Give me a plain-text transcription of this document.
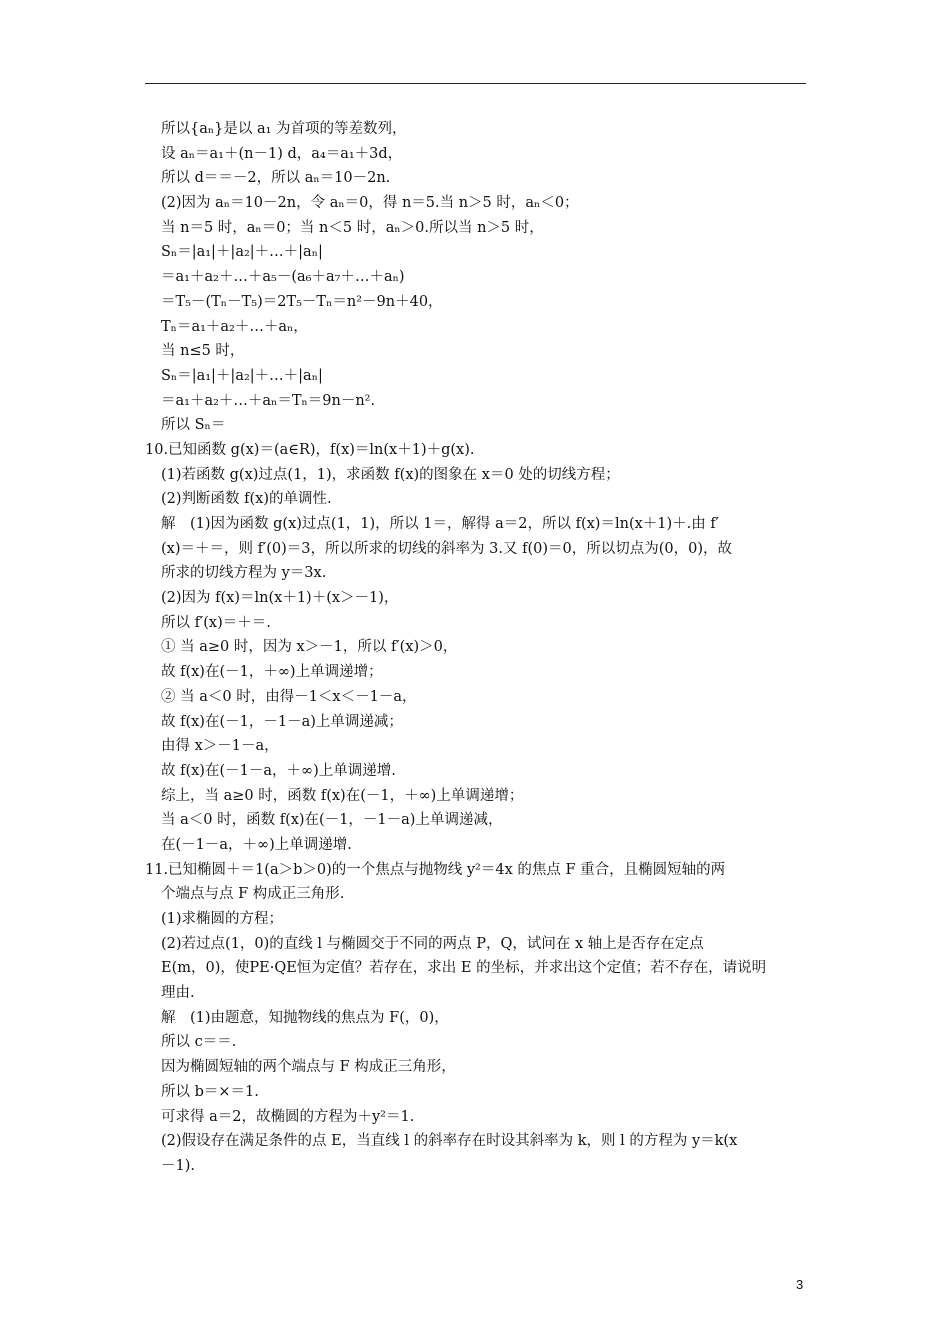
所以{aₙ}是以 a₁ 为首项的等差数列，
设 aₙ＝a₁＋(n－1) d，a₄＝a₁＋3d，
所以 d＝＝－2，所以 aₙ＝10－2n.
(2)因为 aₙ＝10－2n，令 aₙ＝0，得 n＝5.当 n＞5 时，aₙ＜0；
当 n＝5 时，aₙ＝0；当 n＜5 时，aₙ＞0.所以当 n＞5 时，
Sₙ＝|a₁|＋|a₂|＋…＋|aₙ|
＝a₁＋a₂＋…＋a₅－(a₆＋a₇＋…＋aₙ)
＝T₅－(Tₙ－T₅)＝2T₅－Tₙ＝n²－9n＋40，
Tₙ＝a₁＋a₂＋…＋aₙ，
当 n≤5 时，
Sₙ＝|a₁|＋|a₂|＋…＋|aₙ|
＝a₁＋a₂＋…＋aₙ＝Tₙ＝9n－n².
所以 Sₙ＝
10.已知函数 g(x)＝(a∈R)，f(x)＝ln(x＋1)＋g(x).
(1)若函数 g(x)过点(1，1)，求函数 f(x)的图象在 x＝0 处的切线方程；
(2)判断函数 f(x)的单调性.
解　(1)因为函数 g(x)过点(1，1)，所以 1＝，解得 a＝2，所以 f(x)＝ln(x＋1)＋.由 f′
(x)＝＋＝，则 f′(0)＝3，所以所求的切线的斜率为 3.又 f(0)＝0，所以切点为(0，0)，故
所求的切线方程为 y＝3x.
(2)因为 f(x)＝ln(x＋1)＋(x＞－1)，
所以 f′(x)＝＋＝.
① 当 a≥0 时，因为 x＞－1，所以 f′(x)＞0，
故 f(x)在(－1，＋∞)上单调递增；
② 当 a＜0 时，由得－1＜x＜－1－a，
故 f(x)在(－1，－1－a)上单调递减；
由得 x＞－1－a，
故 f(x)在(－1－a，＋∞)上单调递增.
综上，当 a≥0 时，函数 f(x)在(－1，＋∞)上单调递增；
当 a＜0 时，函数 f(x)在(－1，－1－a)上单调递减，
在(－1－a，＋∞)上单调递增.
11.已知椭圆＋＝1(a＞b＞0)的一个焦点与抛物线 y²＝4x 的焦点 F 重合，且椭圆短轴的两
个端点与点 F 构成正三角形.
(1)求椭圆的方程；
(2)若过点(1，0)的直线 l 与椭圆交于不同的两点 P，Q，试问在 x 轴上是否存在定点
E(m，0)，使PE·QE恒为定值？若存在，求出 E 的坐标，并求出这个定值；若不存在，请说明
理由.
解　(1)由题意，知抛物线的焦点为 F(，0)，
所以 c＝＝.
因为椭圆短轴的两个端点与 F 构成正三角形，
所以 b＝×＝1.
可求得 a＝2，故椭圆的方程为＋y²＝1.
(2)假设存在满足条件的点 E，当直线 l 的斜率存在时设其斜率为 k，则 l 的方程为 y＝k(x
－1).
3
